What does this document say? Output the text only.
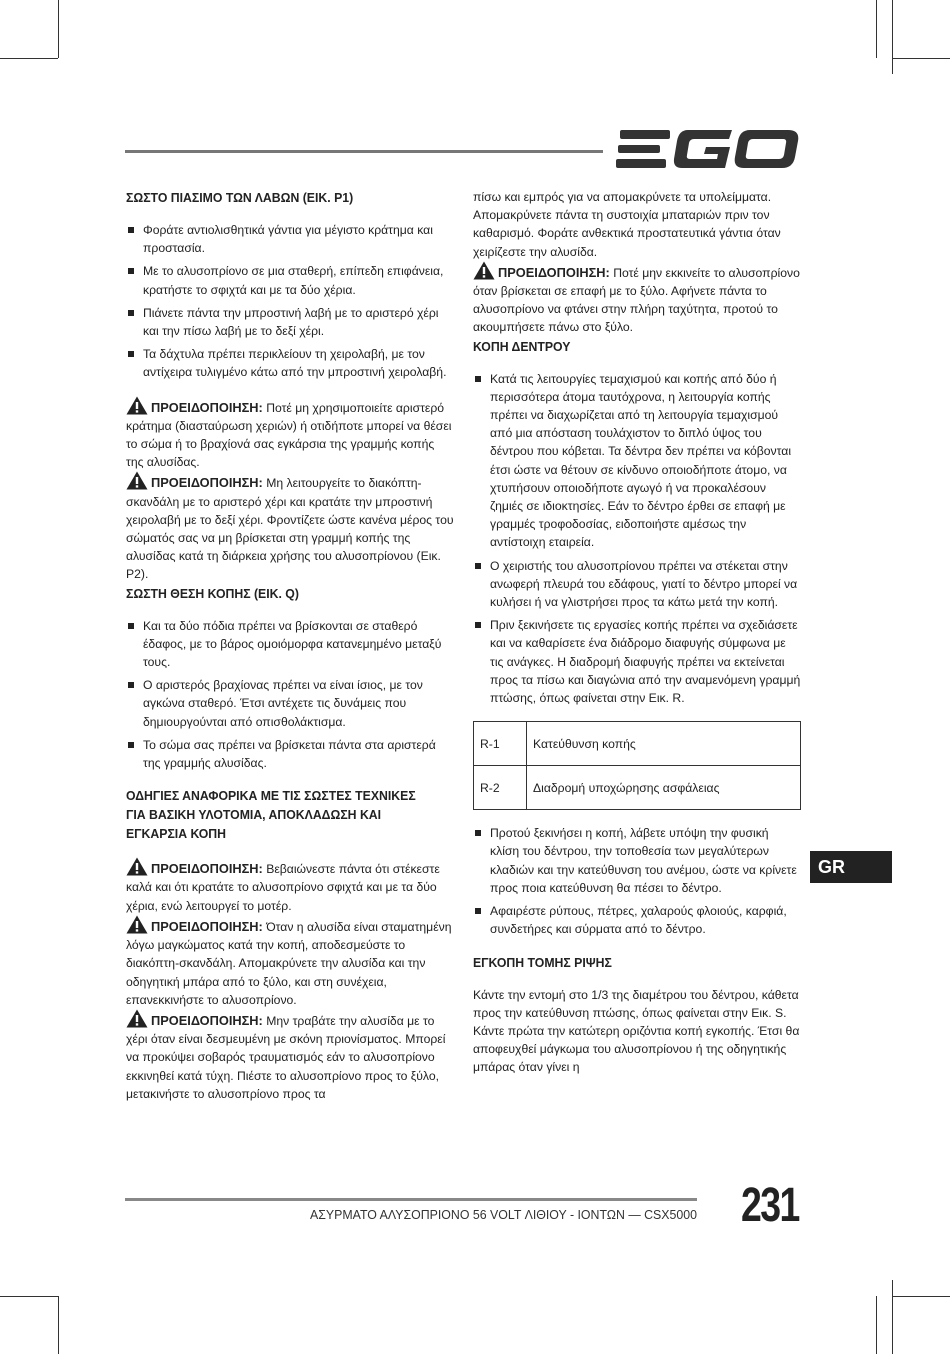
ΣΩΣΤΟ ΠΙΑΣΙΜΟ ΤΩΝ ΛΑΒΩΝ (ΕΙΚ. P1)
Φοράτε αντιολισθητικά γάντια για μέγιστο κράτημα και προστασία.
Με το αλυσοπρίονο σε μια σταθερή, επίπεδη επιφάνεια, κρατήστε το σφιχτά και με τα δύο χέρια.
Πιάνετε πάντα την μπροστινή λαβή με το αριστερό χέρι και την πίσω λαβή με το δεξί χέρι.
Τα δάχτυλα πρέπει περικλείουν τη χειρολαβή, με τον αντίχειρα τυλιγμένο κάτω από την μπροστινή χειρολαβή.

ΠΡΟΕΙΔΟΠΟΙΗΣΗ: Ποτέ μη χρησιμοποιείτε αριστερό κράτημα (διασταύρωση χεριών) ή οτιδήποτε μπορεί να θέσει το σώμα ή το βραχίονά σας εγκάρσια της γραμμής κοπής της αλυσίδας.

ΠΡΟΕΙΔΟΠΟΙΗΣΗ: Μη λειτουργείτε το διακόπτη-σκανδάλη με το αριστερό χέρι και κρατάτε την μπροστινή χειρολαβή με το δεξί χέρι. Φροντίζετε ώστε κανένα μέρος του σώματός σας να μη βρίσκεται στη γραμμή κοπής της αλυσίδας κατά τη διάρκεια χρήσης του αλυσοπρίονου (Εικ. P2).

ΣΩΣΤΗ ΘΕΣΗ ΚΟΠΗΣ (ΕΙΚ. Q)
Και τα δύο πόδια πρέπει να βρίσκονται σε σταθερό έδαφος, με το βάρος ομοιόμορφα κατανεμημένο μεταξύ τους.
Ο αριστερός βραχίονας πρέπει να είναι ίσιος, με τον αγκώνα σταθερό. Έτσι αντέχετε τις δυνάμεις που δημιουργούνται από οπισθολάκτισμα.
Το σώμα σας πρέπει να βρίσκεται πάντα στα αριστερά της γραμμής αλυσίδας.
ΟΔΗΓΙΕΣ ΑΝΑΦΟΡΙΚΑ ΜΕ ΤΙΣ ΣΩΣΤΕΣ ΤΕΧΝΙΚΕΣ ΓΙΑ ΒΑΣΙΚΗ ΥΛΟΤΟΜΙΑ, ΑΠΟΚΛΑΔΩΣΗ ΚΑΙ ΕΓΚΑΡΣΙΑ ΚΟΠΗ

ΠΡΟΕΙΔΟΠΟΙΗΣΗ: Βεβαιώνεστε πάντα ότι στέκεστε καλά και ότι κρατάτε το αλυσοπρίονο σφιχτά και με τα δύο χέρια, ενώ λειτουργεί το μοτέρ.

ΠΡΟΕΙΔΟΠΟΙΗΣΗ: Όταν η αλυσίδα είναι σταματημένη λόγω μαγκώματος κατά την κοπή, αποδεσμεύστε το διακόπτη-σκανδάλη. Απομακρύνετε την αλυσίδα και την οδηγητική μπάρα από το ξύλο, και στη συνέχεια, επανεκκινήστε το αλυσοπρίονο.

ΠΡΟΕΙΔΟΠΟΙΗΣΗ: Μην τραβάτε την αλυσίδα με το χέρι όταν είναι δεσμευμένη με σκόνη πριονίσματος. Μπορεί να προκύψει σοβαρός τραυματισμός εάν το αλυσοπρίονο εκκινηθεί κατά τύχη. Πιέστε το αλυσοπρίονο προς το ξύλο, μετακινήστε το αλυσοπρίονο προς τα

πίσω και εμπρός για να απομακρύνετε τα υπολείμματα. Απομακρύνετε πάντα τη συστοιχία μπαταριών πριν τον καθαρισμό. Φοράτε ανθεκτικά προστατευτικά γάντια όταν χειρίζεστε την αλυσίδα.

ΠΡΟΕΙΔΟΠΟΙΗΣΗ: Ποτέ μην εκκινείτε το αλυσοπρίονο όταν βρίσκεται σε επαφή με το ξύλο. Αφήνετε πάντα το αλυσοπρίονο να φτάνει στην πλήρη ταχύτητα, προτού το ακουμπήσετε πάνω στο ξύλο.

ΚΟΠΗ ΔΕΝΤΡΟΥ
Κατά τις λειτουργίες τεμαχισμού και κοπής από δύο ή περισσότερα άτομα ταυτόχρονα, η λειτουργία κοπής πρέπει να διαχωρίζεται από τη λειτουργία τεμαχισμού από μια απόσταση τουλάχιστον το διπλό ύψος του δέντρου που κόβεται. Τα δέντρα δεν πρέπει να κόβονται έτσι ώστε να θέτουν σε κίνδυνο οποιοδήποτε άτομο, να χτυπήσουν οποιοδήποτε αγωγό ή να προκαλέσουν ζημιές σε ιδιοκτησίες. Εάν το δέντρο έρθει σε επαφή με γραμμές τροφοδοσίας, ειδοποιήστε αμέσως την αντίστοιχη εταιρεία.
Ο χειριστής του αλυσοπρίονου πρέπει να στέκεται στην ανωφερή πλευρά του εδάφους, γιατί το δέντρο μπορεί να κυλήσει ή να γλιστρήσει προς τα κάτω μετά την κοπή.
Πριν ξεκινήσετε τις εργασίες κοπής πρέπει να σχεδιάσετε και να καθαρίσετε ένα διάδρομο διαφυγής σύμφωνα με τις ανάγκες. Η διαδρομή διαφυγής πρέπει να εκτείνεται προς τα πίσω και διαγώνια από την αναμενόμενη γραμμή πτώσης, όπως φαίνεται στην Εικ. R.
R-1	Κατεύθυνση κοπής
R-2	Διαδρομή υποχώρησης ασφάλειας
Προτού ξεκινήσει η κοπή, λάβετε υπόψη την φυσική κλίση του δέντρου, την τοποθεσία των μεγαλύτερων κλαδιών και την κατεύθυνση του ανέμου, ώστε να κρίνετε προς ποια κατεύθυνση θα πέσει το δέντρο.
Αφαιρέστε ρύπους, πέτρες, χαλαρούς φλοιούς, καρφιά, συνδετήρες και σύρματα από το δέντρο.
ΕΓΚΟΠΗ ΤΟΜΗΣ ΡΙΨΗΣ

Κάντε την εντομή στο 1/3 της διαμέτρου του δέντρου, κάθετα προς την κατεύθυνση πτώσης, όπως φαίνεται στην Εικ. S. Κάντε πρώτα την κατώτερη οριζόντια κοπή εγκοπής. Έτσι θα αποφευχθεί μάγκωμα του αλυσοπρίονου ή της οδηγητικής μπάρας όταν γίνει η

GR
ΑΣΥΡΜΑΤΟ ΑΛΥΣΟΠΡΙΟΝΟ 56 VOLT ΛΙΘΙΟΥ - ΙΟΝΤΩΝ — CSX5000 231
